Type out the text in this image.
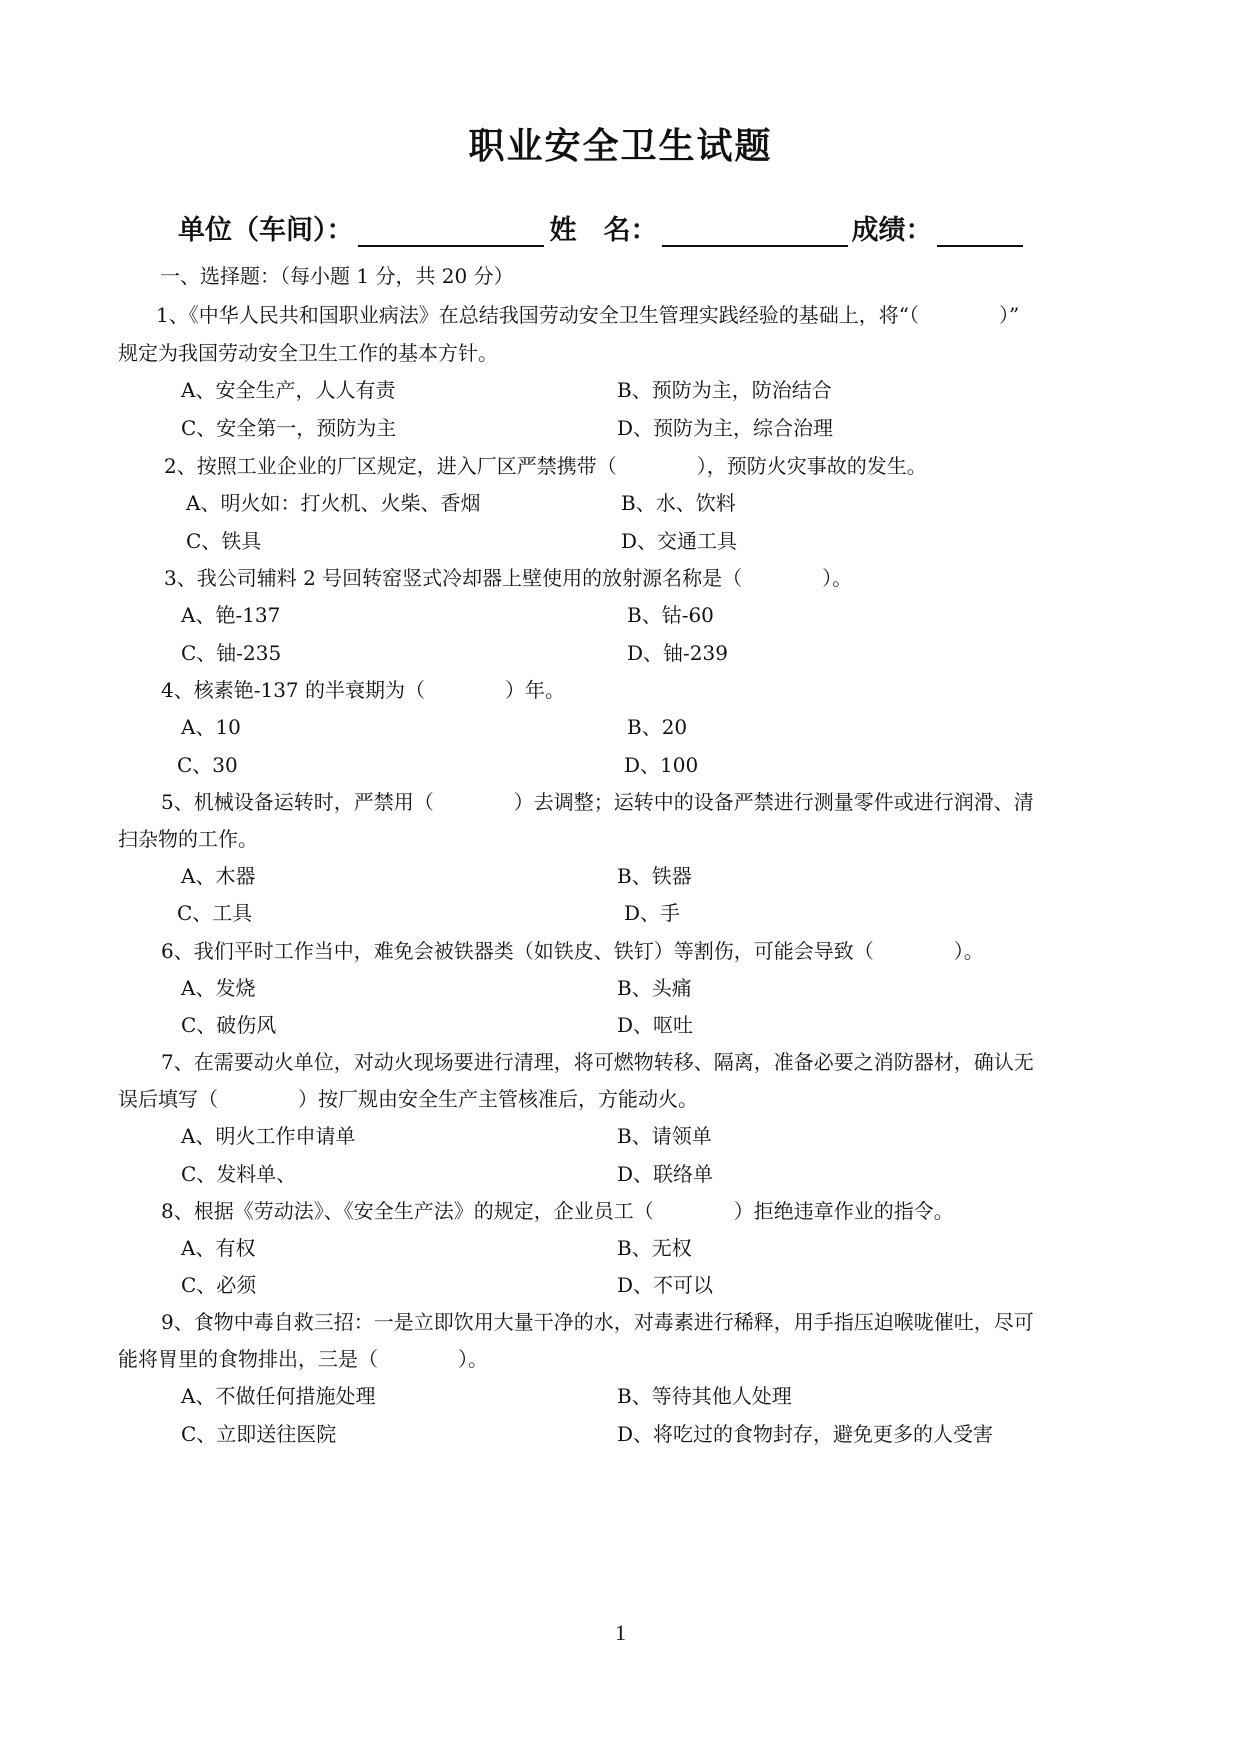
职业安全卫生试题
单位（车间）：	姓　名：	成绩：
一、选择题：（每小题 1 分，共 20 分）
1、《中华人民共和国职业病法》在总结我国劳动安全卫生管理实践经验的基础上，将“（　　　　）”
规定为我国劳动安全卫生工作的基本方针。
A、安全生产，人人有责	B、预防为主，防治结合
C、安全第一，预防为主	D、预防为主，综合治理
2、按照工业企业的厂区规定，进入厂区严禁携带（　　　　），预防火灾事故的发生。
A、明火如：打火机、火柴、香烟	B、水、饮料
C、铁具	D、交通工具
3、我公司辅料 2 号回转窑竖式冷却器上壁使用的放射源名称是（　　　　）。
A、铯-137	B、钴-60
C、铀-235	D、铀-239
4、核素铯-137 的半衰期为（　　　　）年。
A、10	B、20
C、30	D、100
5、机械设备运转时，严禁用（　　　　）去调整；运转中的设备严禁进行测量零件或进行润滑、清
扫杂物的工作。
A、木器	B、铁器
C、工具	D、手
6、我们平时工作当中，难免会被铁器类（如铁皮、铁钉）等割伤，可能会导致（　　　　）。
A、发烧	B、头痛
C、破伤风	D、呕吐
7、在需要动火单位，对动火现场要进行清理，将可燃物转移、隔离，准备必要之消防器材，确认无
误后填写（　　　　）按厂规由安全生产主管核准后，方能动火。
A、明火工作申请单	B、请领单
C、发料单、	D、联络单
8、根据《劳动法》、《安全生产法》的规定，企业员工（　　　　）拒绝违章作业的指令。
A、有权	B、无权
C、必须	D、不可以
9、食物中毒自救三招：一是立即饮用大量干净的水，对毒素进行稀释，用手指压迫喉咙催吐，尽可
能将胃里的食物排出，三是（　　　　）。
A、不做任何措施处理	B、等待其他人处理
C、立即送往医院	D、将吃过的食物封存，避免更多的人受害
1
